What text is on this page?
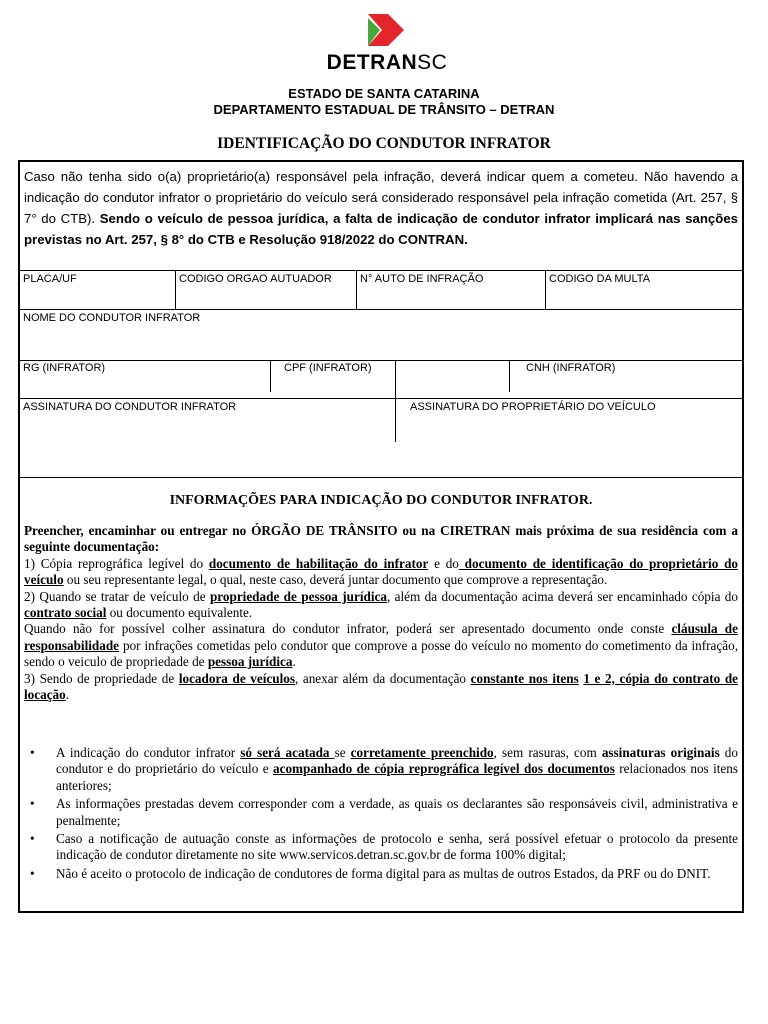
DETRANSC
ESTADO DE SANTA CATARINA
DEPARTAMENTO ESTADUAL DE TRÂNSITO – DETRAN
IDENTIFICAÇÃO DO CONDUTOR INFRATOR
Caso não tenha sido o(a) proprietário(a) responsável pela infração, deverá indicar quem a cometeu. Não havendo a indicação do condutor infrator o proprietário do veículo será considerado responsável pela infração cometida (Art. 257, § 7° do CTB). Sendo o veículo de pessoa jurídica, a falta de indicação de condutor infrator implicará nas sanções previstas no Art. 257, § 8° do CTB e Resolução 918/2022 do CONTRAN.
PLACA/UF	CODIGO ORGAO AUTUADOR	N° AUTO DE INFRAÇÃO	CODIGO DA MULTA
NOME DO CONDUTOR INFRATOR
RG (INFRATOR)	CPF (INFRATOR)	CNH (INFRATOR)
ASSINATURA DO CONDUTOR INFRATOR	ASSINATURA DO PROPRIETÁRIO DO VEÍCULO
INFORMAÇÕES PARA INDICAÇÃO DO CONDUTOR INFRATOR.

Preencher, encaminhar ou entregar no ÓRGÃO DE TRÂNSITO ou na CIRETRAN mais próxima de sua residência com a seguinte documentação:

1) Cópia reprográfica legível do documento de habilitação do infrator e do documento de identificação do proprietário do veículo ou seu representante legal, o qual, neste caso, deverá juntar documento que comprove a representação.

2) Quando se tratar de veículo de propriedade de pessoa jurídica, além da documentação acima deverá ser encaminhado cópia do contrato social ou documento equivalente.

Quando não for possível colher assinatura do condutor infrator, poderá ser apresentado documento onde conste cláusula de responsabilidade por infrações cometidas pelo condutor que comprove a posse do veículo no momento do cometimento da infração, sendo o veiculo de propriedade de pessoa jurídica.

3) Sendo de propriedade de locadora de veículos, anexar além da documentação constante nos itens 1 e 2, cópia do contrato de locação.

• A indicação do condutor infrator só será acatada se corretamente preenchido, sem rasuras, com assinaturas originais do condutor e do proprietário do veículo e acompanhado de cópia reprográfica legível dos documentos relacionados nos itens anteriores;
• As informações prestadas devem corresponder com a verdade, as quais os declarantes são responsáveis civil, administrativa e penalmente;
• Caso a notificação de autuação conste as informações de protocolo e senha, será possível efetuar o protocolo da presente indicação de condutor diretamente no site www.servicos.detran.sc.gov.br de forma 100% digital;
• Não é aceito o protocolo de indicação de condutores de forma digital para as multas de outros Estados, da PRF ou do DNIT.
